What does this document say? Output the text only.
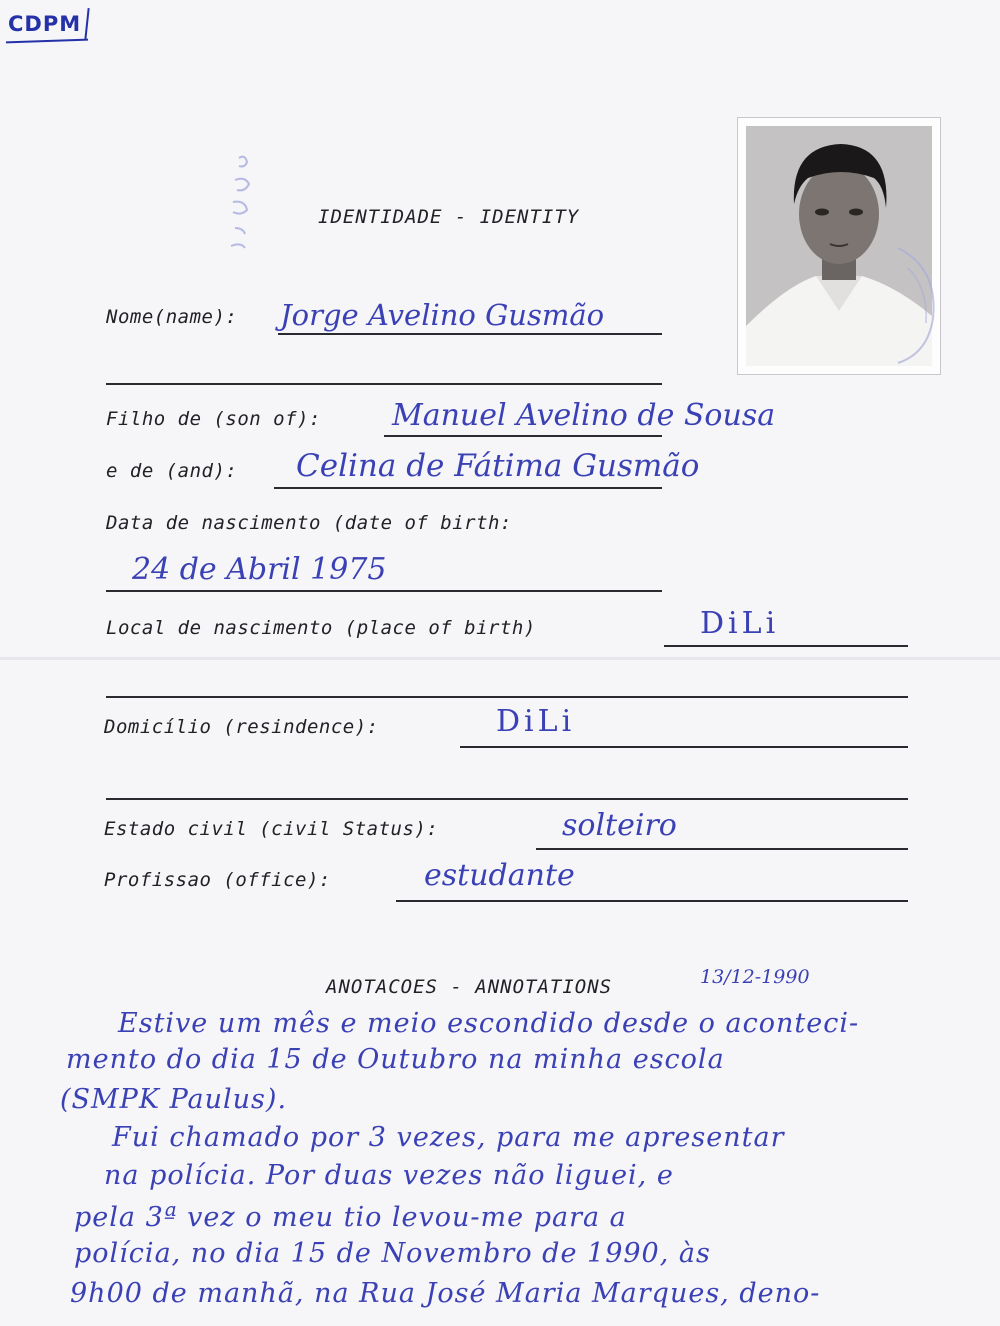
CDPM
IDENTIDADE - IDENTITY
Nome(name): Jorge Avelino Gusmão
Filho de (son of): Manuel Avelino de Sousa
e de (and): Celina de Fátima Gusmão
Data de nascimento (date of birth:
24 de Abril 1975
Local de nascimento (place of birth)	DiLi
Domicílio (resindence):	DiLi
Estado civil (civil Status):	solteiro
Profissao (office):	estudante
ANOTACOES - ANNOTATIONS	13/12-1990
Estive um mês e meio escondido desde o aconteci-
mento do dia 15 de Outubro na minha escola
(SMPK Paulus).
Fui chamado por 3 vezes, para me apresentar
na polícia. Por duas vezes não liguei, e
pela 3ª vez o meu tio levou-me para a
polícia, no dia 15 de Novembro de 1990, às
9h00 de manhã, na Rua José Maria Marques, deno-
